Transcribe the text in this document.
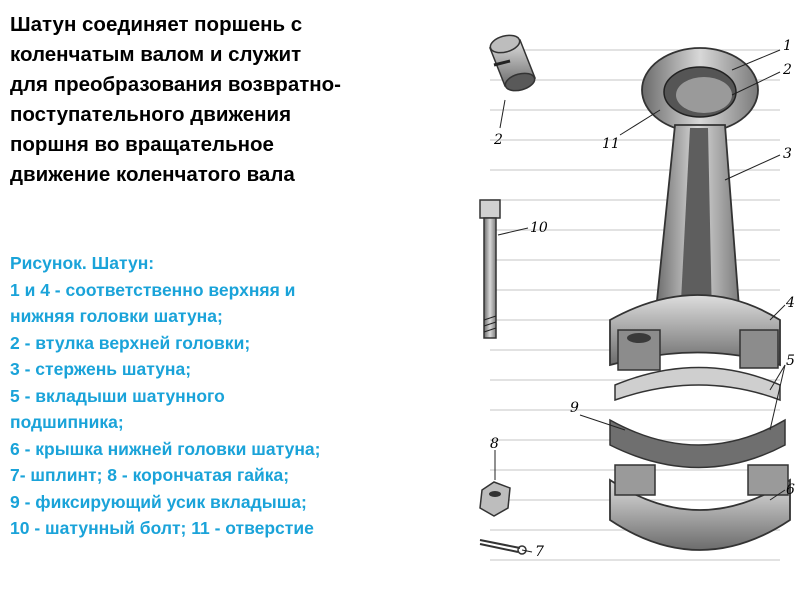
Шатун соединяет поршень с
коленчатым валом и служит
для преобразования возвратно-
поступательного движения
поршня во вращательное
движение коленчатого вала
Рисунок. Шатун:
1 и 4 - соответственно верхняя и
нижняя головки шатуна;
2 - втулка верхней головки;
3 - стержень шатуна;
5 - вкладыши шатунного
подшипника;
6 - крышка нижней головки шатуна;
7- шплинт; 8 - корончатая гайка;
9 - фиксирующий усик вкладыша;
10 - шатунный болт; 11 - отверстие
1
2
2
3
4
5
6
7
8
9
10
11
